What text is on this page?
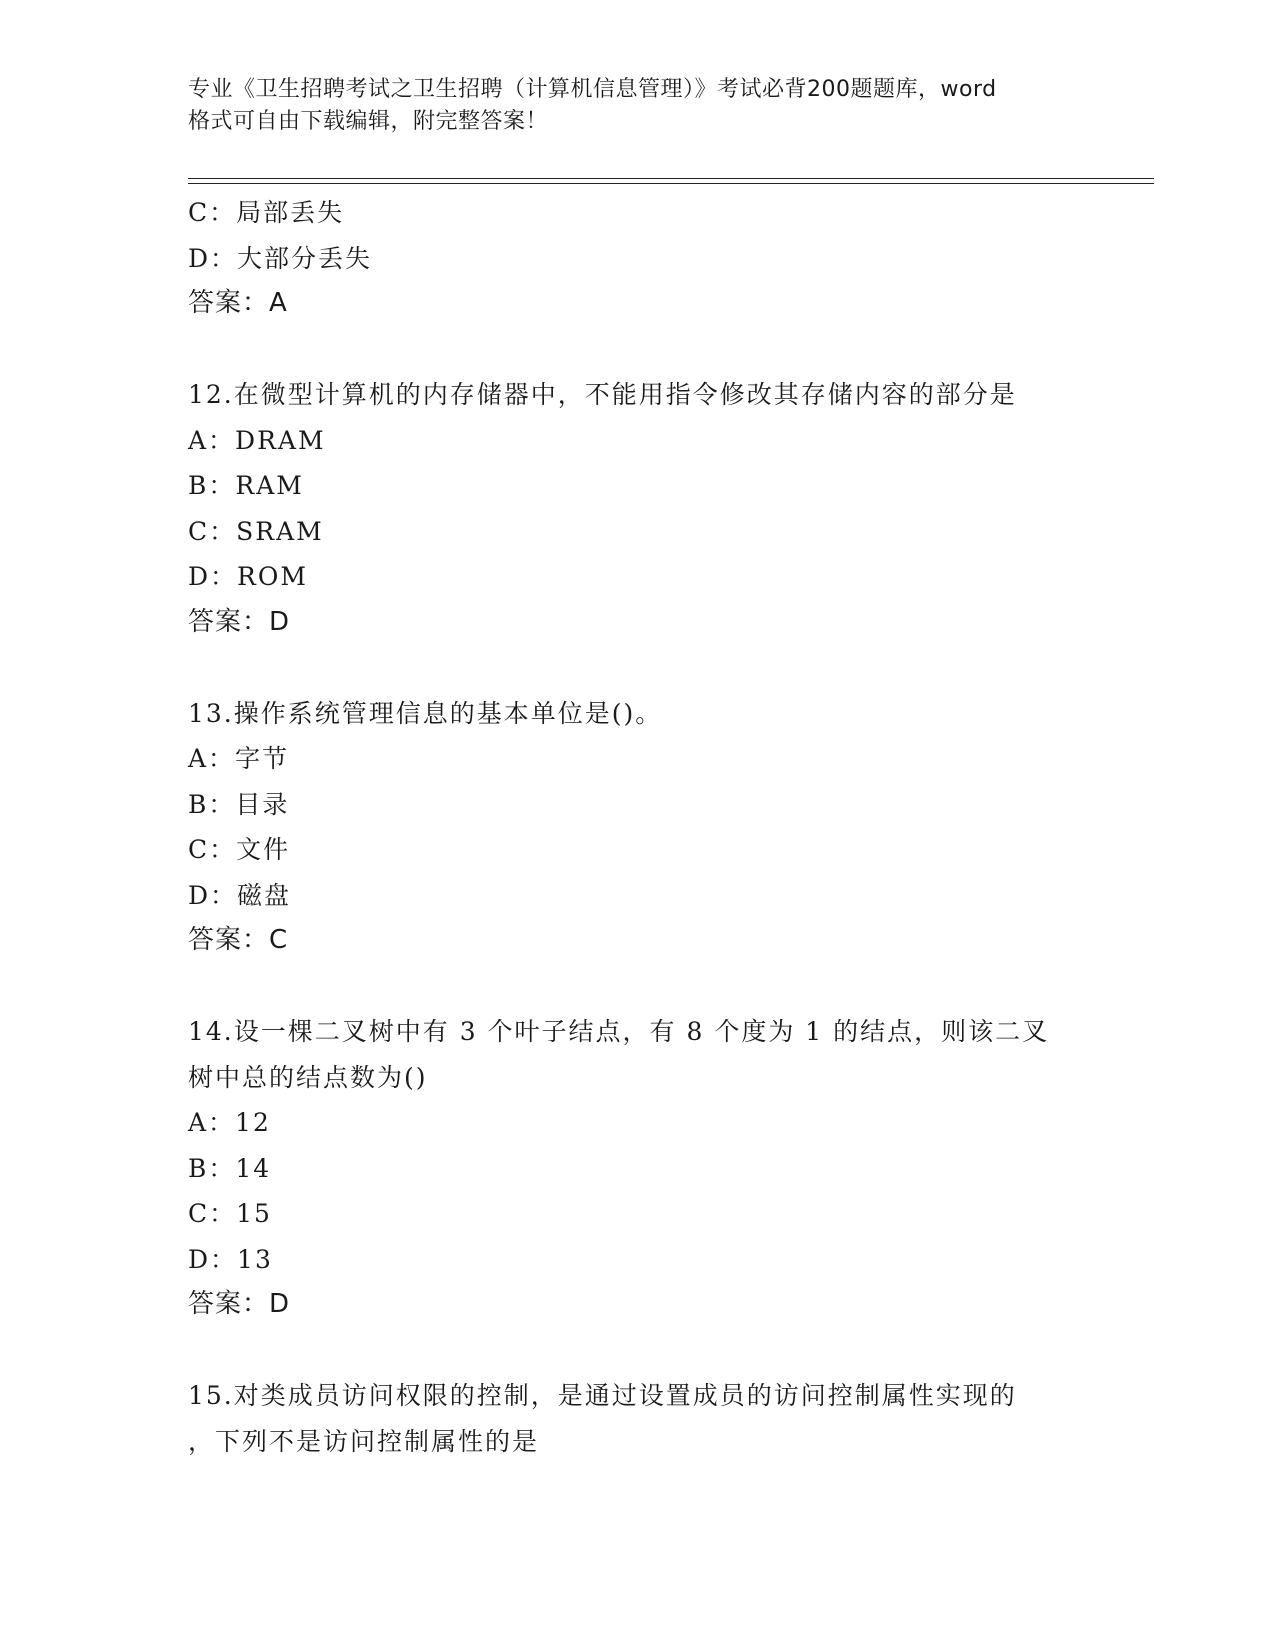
专业《卫生招聘考试之卫生招聘（计算机信息管理）》考试必背200题题库，word
格式可自由下载编辑，附完整答案！
C：局部丢失
D：大部分丢失
答案：A
12.在微型计算机的内存储器中，不能用指令修改其存储内容的部分是
A：DRAM
B：RAM
C：SRAM
D：ROM
答案：D
13.操作系统管理信息的基本单位是()。
A：字节
B：目录
C：文件
D：磁盘
答案：C
14.设一棵二叉树中有 3 个叶子结点，有 8 个度为 1 的结点，则该二叉
树中总的结点数为()
A：12
B：14
C：15
D：13
答案：D
15.对类成员访问权限的控制，是通过设置成员的访问控制属性实现的
，下列不是访问控制属性的是
